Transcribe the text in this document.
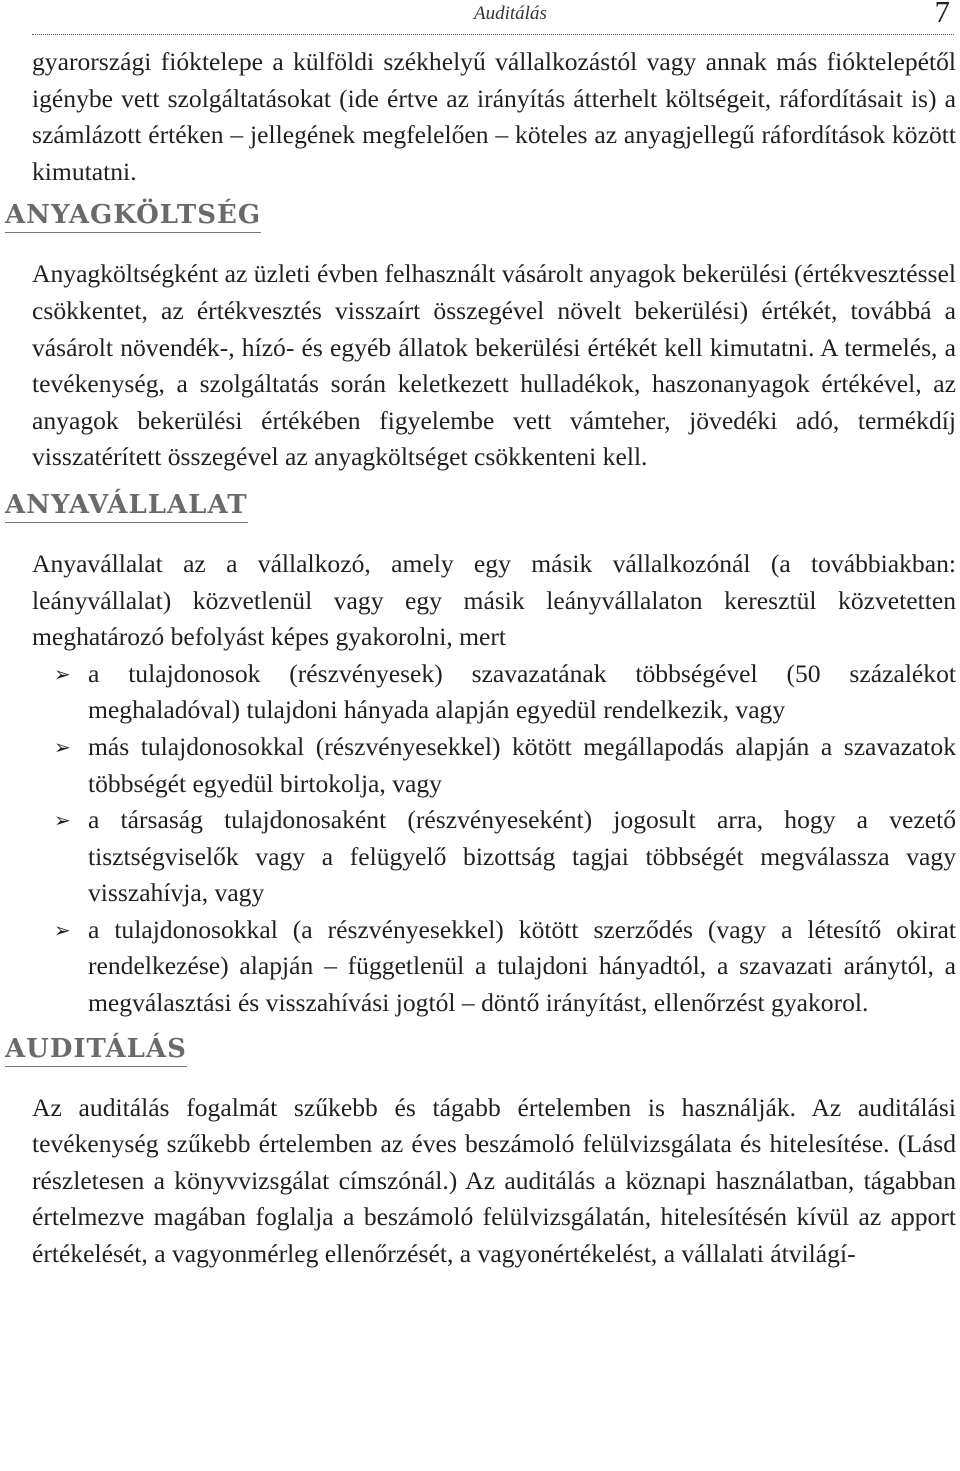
Auditálás	7

gyarországi fióktelepe a külföldi székhelyű vállalkozástól vagy annak más fióktelepétől igénybe vett szolgáltatásokat (ide értve az irányítás átterhelt költségeit, ráfordításait is) a számlázott értéken – jellegének megfelelően – köteles az anyagjellegű ráfordítások között kimutatni.

ANYAGKÖLTSÉG

Anyagköltségként az üzleti évben felhasznált vásárolt anyagok bekerülési (értékvesztéssel csökkentet, az értékvesztés visszaírt összegével növelt bekerülési) értékét, továbbá a vásárolt növendék-, hízó- és egyéb állatok bekerülési értékét kell kimutatni. A termelés, a tevékenység, a szolgáltatás során keletkezett hulladékok, haszonanyagok értékével, az anyagok bekerülési értékében figyelembe vett vámteher, jövedéki adó, termékdíj visszatérített összegével az anyagköltséget csökkenteni kell.

ANYAVÁLLALAT

Anyavállalat az a vállalkozó, amely egy másik vállalkozónál (a továbbiakban: leányvállalat) közvetlenül vagy egy másik leányvállalaton keresztül közvetetten meghatározó befolyást képes gyakorolni, mert

➢ a tulajdonosok (részvényesek) szavazatának többségével (50 százalékot meghaladóval) tulajdoni hányada alapján egyedül rendelkezik, vagy
➢ más tulajdonosokkal (részvényesekkel) kötött megállapodás alapján a szavazatok többségét egyedül birtokolja, vagy
➢ a társaság tulajdonosaként (részvényeseként) jogosult arra, hogy a vezető tisztségviselők vagy a felügyelő bizottság tagjai többségét megválassza vagy visszahívja, vagy
➢ a tulajdonosokkal (a részvényesekkel) kötött szerződés (vagy a létesítő okirat rendelkezése) alapján – függetlenül a tulajdoni hányadtól, a szavazati aránytól, a megválasztási és visszahívási jogtól – döntő irányítást, ellenőrzést gyakorol.
AUDITÁLÁS

Az auditálás fogalmát szűkebb és tágabb értelemben is használják. Az auditálási tevékenység szűkebb értelemben az éves beszámoló felülvizsgálata és hitelesítése. (Lásd részletesen a könyvvizsgálat címszónál.) Az auditálás a köznapi használatban, tágabban értelmezve magában foglalja a beszámoló felülvizsgálatán, hitelesítésén kívül az apport értékelését, a vagyonmérleg ellenőrzését, a vagyonértékelést, a vállalati átvilágí-
